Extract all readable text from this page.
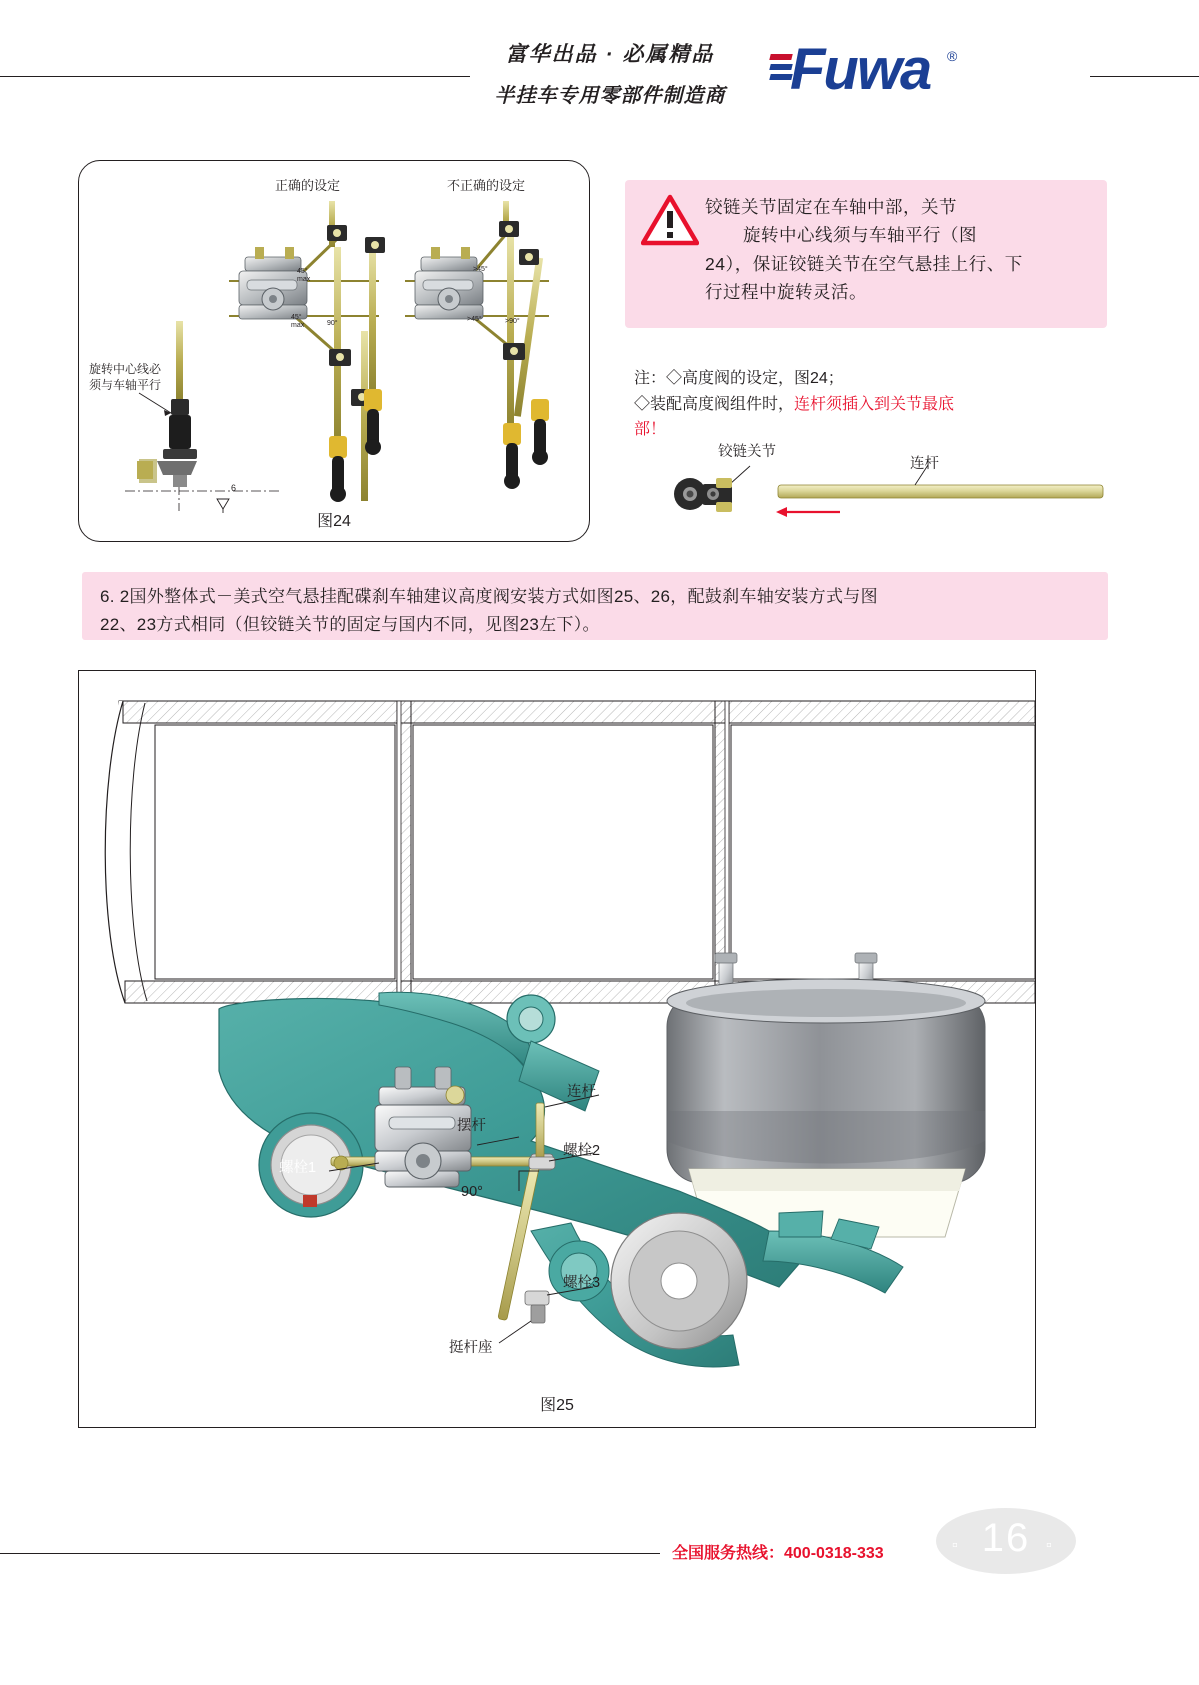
富华出品 · 必属精品
半挂车专用零部件制造商	Fuwa ®
正确的设定	不正确的设定
旋转中心线必须与车轴平行
45°
max
45°
max	90°
>45°
>45°	>90°
6
图24
铰链关节固定在车轴中部，关节
旋转中心线须与车轴平行（图
24），保证铰链关节在空气悬挂上行、下
行过程中旋转灵活。
注：◇高度阀的设定，图24；
◇装配高度阀组件时，连杆须插入到关节最底
部！
铰链关节
连杆
6. 2国外整体式－美式空气悬挂配碟刹车轴建议高度阀安装方式如图25、26，配鼓刹车轴安装方式与图
22、23方式相同（但铰链关节的固定与国内不同，见图23左下）。
连杆
摆杆
螺栓2
螺栓1
螺栓3
挺杆座
90°
图25
全国服务热线：400-0318-333	▫ 16 ▫
